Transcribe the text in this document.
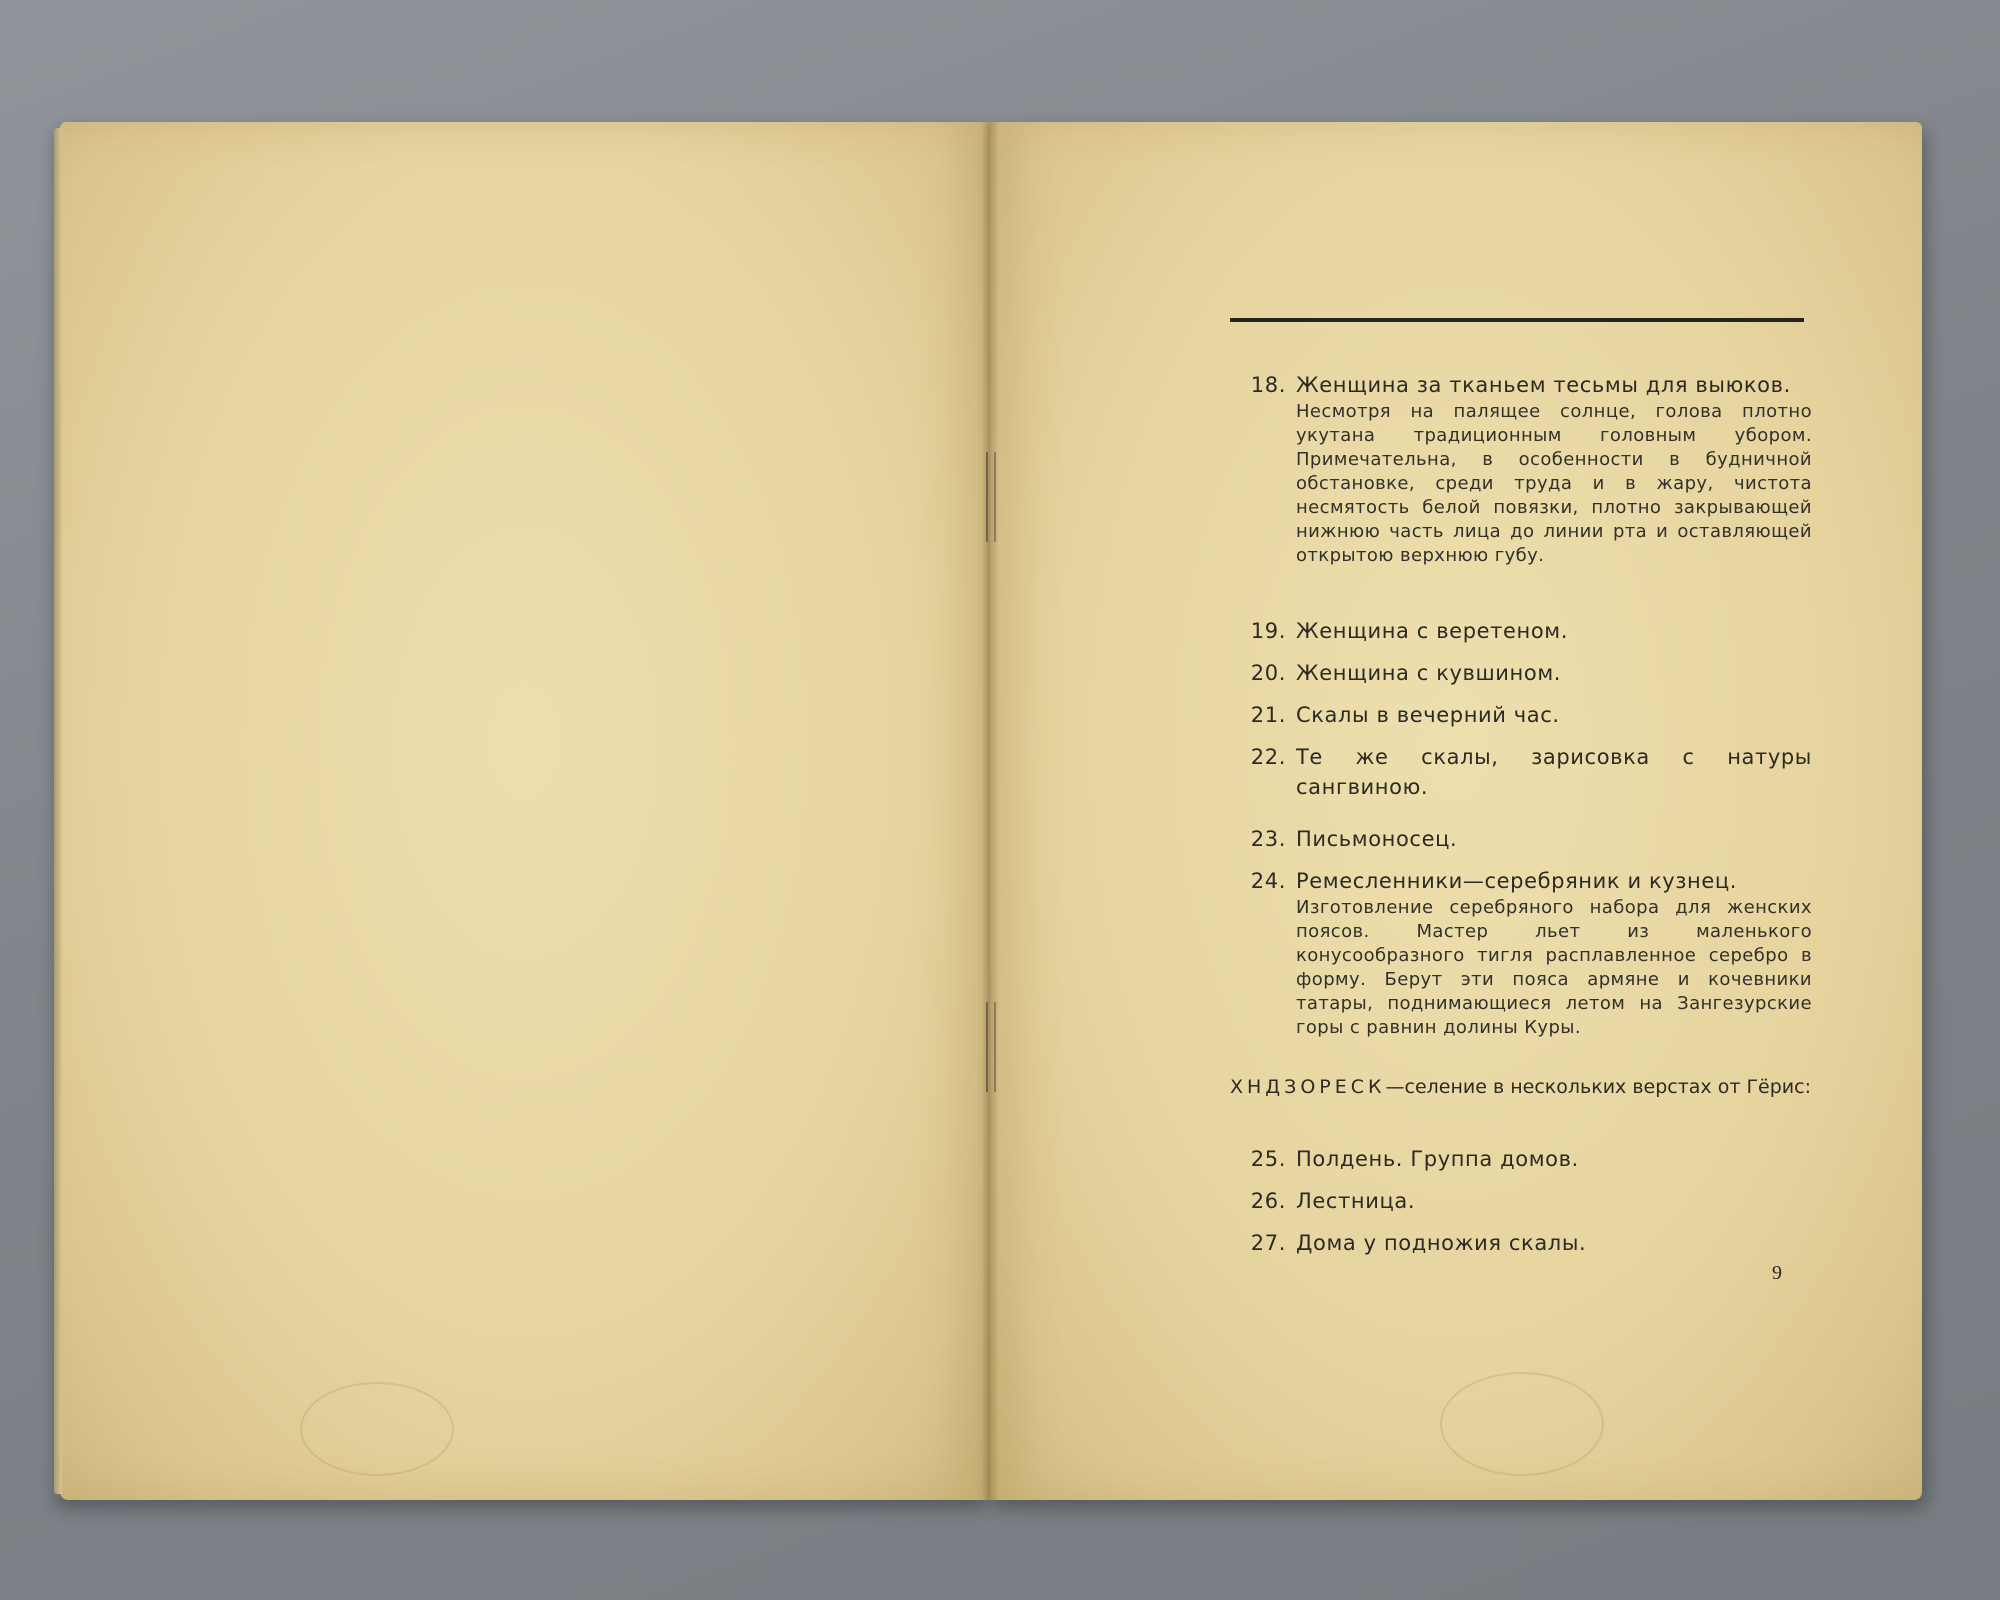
18. Женщина за тканьем тесьмы для выюков.
Несмотря на палящее солнце, голова плотно укутана традиционным головным убором. Примечательна, в особенности в будничной обстановке, среди труда и в жару, чистота несмятость белой повязки, плотно закрывающей нижнюю часть лица до линии рта и оставляющей открытою верхнюю губу.
19. Женщина с веретеном.
20. Женщина с кувшином.
21. Скалы в вечерний час.
22. Те же скалы, зарисовка с натуры сангвиною.
23. Письмоносец.
24. Ремесленники—серебряник и кузнец.
Изготовление серебряного набора для женских поясов. Мастер льет из маленького конусообразного тигля расплавленное серебро в форму. Берут эти пояса армяне и кочевники татары, поднимающиеся летом на Зангезурские горы с равнин долины Куры.
ХНДЗОРЕСК—селение в нескольких верстах от Гёрис:
25. Полдень. Группа домов.
26. Лестница.
27. Дома у подножия скалы.
9
